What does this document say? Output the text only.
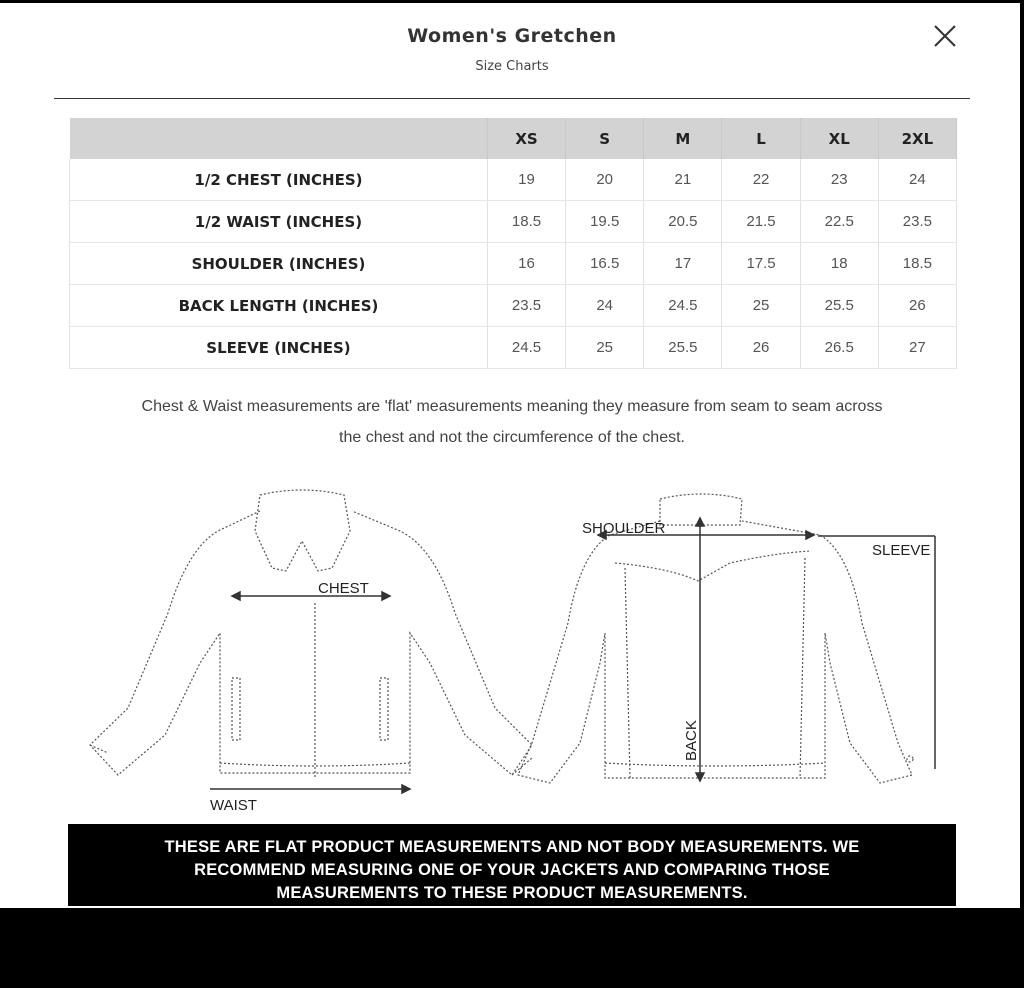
Women's Gretchen
Size Charts
	XS	S	M	L	XL	2XL
1/2 CHEST (INCHES)	19	20	21	22	23	24
1/2 WAIST (INCHES)	18.5	19.5	20.5	21.5	22.5	23.5
SHOULDER (INCHES)	16	16.5	17	17.5	18	18.5
BACK LENGTH (INCHES)	23.5	24	24.5	25	25.5	26
SLEEVE (INCHES)	24.5	25	25.5	26	26.5	27
Chest & Waist measurements are 'flat' measurements meaning they measure from seam to seam across
the chest and not the circumference of the chest.
CHEST
WAIST
SHOULDER
SLEEVE
BACK
THESE ARE FLAT PRODUCT MEASUREMENTS AND NOT BODY MEASUREMENTS. WE
RECOMMEND MEASURING ONE OF YOUR JACKETS AND COMPARING THOSE
MEASUREMENTS TO THESE PRODUCT MEASUREMENTS.
